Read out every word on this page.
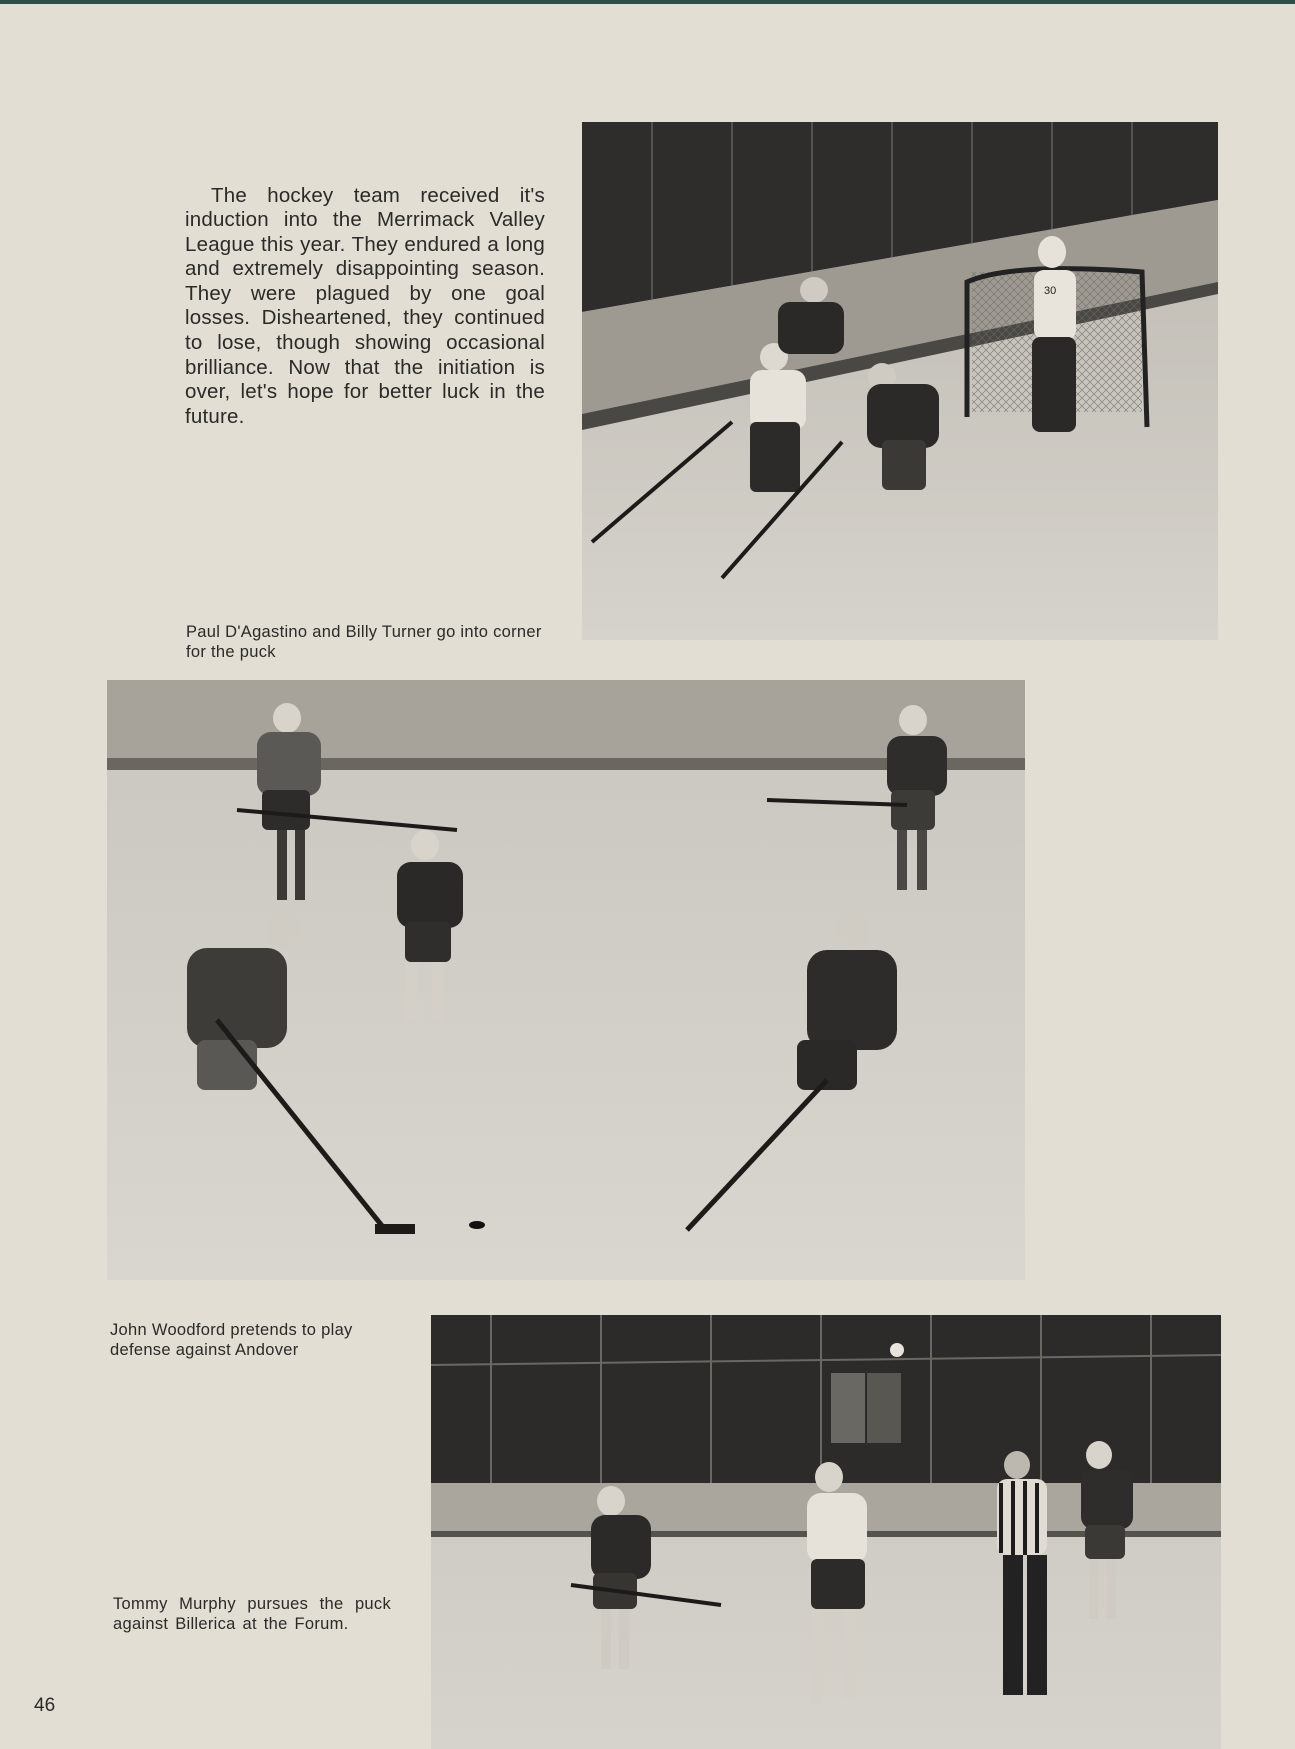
The hockey team received it's induction into the Merrimack Valley League this year. They endured a long and extremely disappointing season. They were plagued by one goal losses. Disheartened, they continued to lose, though showing occasional brilliance. Now that the initiation is over, let's hope for better luck in the future.

30

Paul D'Agastino and Billy Turner go into corner for the puck

John Woodford pretends to play defense against Andover

Tommy Murphy pursues the puck against Billerica at the Forum.

46
